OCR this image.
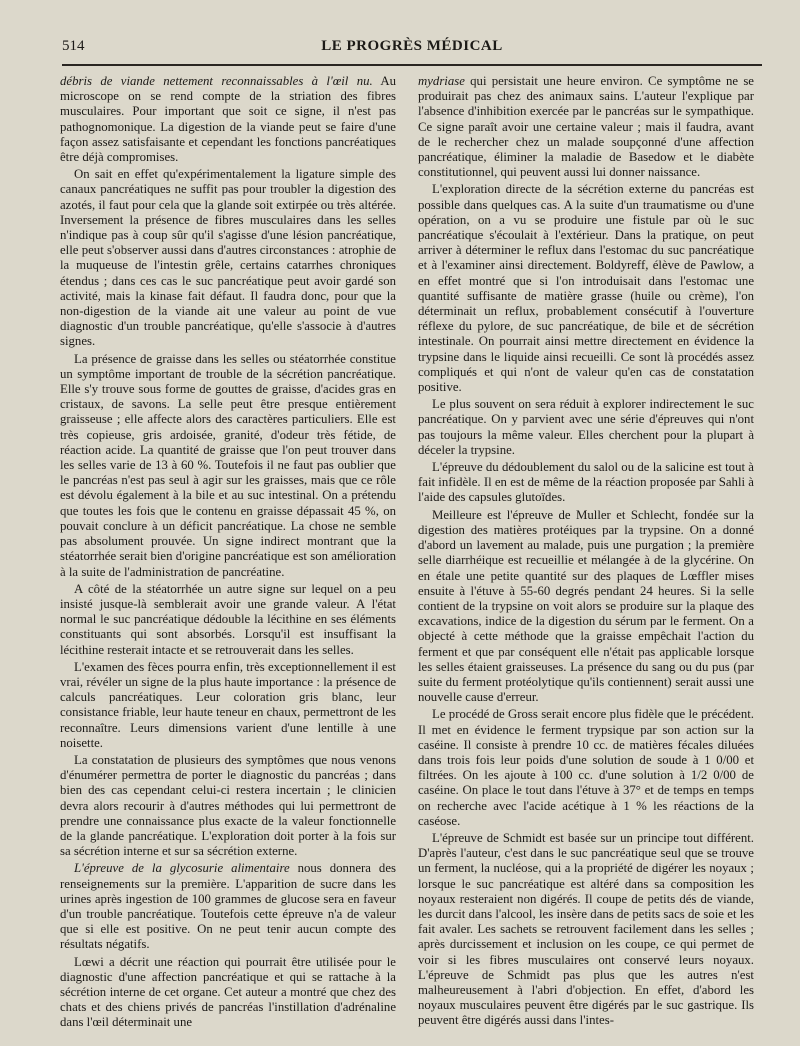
514	LE PROGRÈS MÉDICAL

débris de viande nettement reconnaissables à l'œil nu. Au microscope on se rend compte de la striation des fibres musculaires. Pour important que soit ce signe, il n'est pas pathognomonique. La digestion de la viande peut se faire d'une façon assez satisfaisante et cependant les fonctions pancréatiques être déjà compromises.

On sait en effet qu'expérimentalement la ligature simple des canaux pancréatiques ne suffit pas pour troubler la digestion des azotés, il faut pour cela que la glande soit extirpée ou très altérée. Inversement la présence de fibres musculaires dans les selles n'indique pas à coup sûr qu'il s'agisse d'une lésion pancréatique, elle peut s'observer aussi dans d'autres circonstances : atrophie de la muqueuse de l'intestin grêle, certains catarrhes chroniques étendus ; dans ces cas le suc pancréatique peut avoir gardé son activité, mais la kinase fait défaut. Il faudra donc, pour que la non-digestion de la viande ait une valeur au point de vue diagnostic d'un trouble pancréatique, qu'elle s'associe à d'autres signes.

La présence de graisse dans les selles ou stéatorrhée constitue un symptôme important de trouble de la sécrétion pancréatique. Elle s'y trouve sous forme de gouttes de graisse, d'acides gras en cristaux, de savons. La selle peut être presque entièrement graisseuse ; elle affecte alors des caractères particuliers. Elle est très copieuse, gris ardoisée, granité, d'odeur très fétide, de réaction acide. La quantité de graisse que l'on peut trouver dans les selles varie de 13 à 60 %. Toutefois il ne faut pas oublier que le pancréas n'est pas seul à agir sur les graisses, mais que ce rôle est dévolu également à la bile et au suc intestinal. On a prétendu que toutes les fois que le contenu en graisse dépassait 45 %, on pouvait conclure à un déficit pancréatique. La chose ne semble pas absolument prouvée. Un signe indirect montrant que la stéatorrhée serait bien d'origine pancréatique est son amélioration à la suite de l'administration de pancréatine.

A côté de la stéatorrhée un autre signe sur lequel on a peu insisté jusque-là semblerait avoir une grande valeur. A l'état normal le suc pancréatique dédouble la lécithine en ses éléments constituants qui sont absorbés. Lorsqu'il est insuffisant la lécithine resterait intacte et se retrouverait dans les selles.

L'examen des fèces pourra enfin, très exceptionnellement il est vrai, révéler un signe de la plus haute importance : la présence de calculs pancréatiques. Leur coloration gris blanc, leur consistance friable, leur haute teneur en chaux, permettront de les reconnaître. Leurs dimensions varient d'une lentille à une noisette.

La constatation de plusieurs des symptômes que nous venons d'énumérer permettra de porter le diagnostic du pancréas ; dans bien des cas cependant celui-ci restera incertain ; le clinicien devra alors recourir à d'autres méthodes qui lui permettront de prendre une connaissance plus exacte de la valeur fonctionnelle de la glande pancréatique. L'exploration doit porter à la fois sur sa sécrétion interne et sur sa sécrétion externe.

L'épreuve de la glycosurie alimentaire nous donnera des renseignements sur la première. L'apparition de sucre dans les urines après ingestion de 100 grammes de glucose sera en faveur d'un trouble pancréatique. Toutefois cette épreuve n'a de valeur que si elle est positive. On ne peut tenir aucun compte des résultats négatifs.

Lœwi a décrit une réaction qui pourrait être utilisée pour le diagnostic d'une affection pancréatique et qui se rattache à la sécrétion interne de cet organe. Cet auteur a montré que chez des chats et des chiens privés de pancréas l'instillation d'adrénaline dans l'œil déterminait une

mydriase qui persistait une heure environ. Ce symptôme ne se produirait pas chez des animaux sains. L'auteur l'explique par l'absence d'inhibition exercée par le pancréas sur le sympathique. Ce signe paraît avoir une certaine valeur ; mais il faudra, avant de le rechercher chez un malade soupçonné d'une affection pancréatique, éliminer la maladie de Basedow et le diabète constitutionnel, qui peuvent aussi lui donner naissance.

L'exploration directe de la sécrétion externe du pancréas est possible dans quelques cas. A la suite d'un traumatisme ou d'une opération, on a vu se produire une fistule par où le suc pancréatique s'écoulait à l'extérieur. Dans la pratique, on peut arriver à déterminer le reflux dans l'estomac du suc pancréatique et à l'examiner ainsi directement. Boldyreff, élève de Pawlow, a en effet montré que si l'on introduisait dans l'estomac une quantité suffisante de matière grasse (huile ou crème), l'on déterminait un reflux, probablement consécutif à l'ouverture réflexe du pylore, de suc pancréatique, de bile et de sécrétion intestinale. On pourrait ainsi mettre directement en évidence la trypsine dans le liquide ainsi recueilli. Ce sont là procédés assez compliqués et qui n'ont de valeur qu'en cas de constatation positive.

Le plus souvent on sera réduit à explorer indirectement le suc pancréatique. On y parvient avec une série d'épreuves qui n'ont pas toujours la même valeur. Elles cherchent pour la plupart à déceler la trypsine.

L'épreuve du dédoublement du salol ou de la salicine est tout à fait infidèle. Il en est de même de la réaction proposée par Sahli à l'aide des capsules glutoïdes.

Meilleure est l'épreuve de Muller et Schlecht, fondée sur la digestion des matières protéiques par la trypsine. On a donné d'abord un lavement au malade, puis une purgation ; la première selle diarrhéique est recueillie et mélangée à de la glycérine. On en étale une petite quantité sur des plaques de Lœffler mises ensuite à l'étuve à 55-60 degrés pendant 24 heures. Si la selle contient de la trypsine on voit alors se produire sur la plaque des excavations, indice de la digestion du sérum par le ferment. On a objecté à cette méthode que la graisse empêchait l'action du ferment et que par conséquent elle n'était pas applicable lorsque les selles étaient graisseuses. La présence du sang ou du pus (par suite du ferment protéolytique qu'ils contiennent) serait aussi une nouvelle cause d'erreur.

Le procédé de Gross serait encore plus fidèle que le précédent. Il met en évidence le ferment trypsique par son action sur la caséine. Il consiste à prendre 10 cc. de matières fécales diluées dans trois fois leur poids d'une solution de soude à 1 0/00 et filtrées. On les ajoute à 100 cc. d'une solution à 1/2 0/00 de caséine. On place le tout dans l'étuve à 37° et de temps en temps on recherche avec l'acide acétique à 1 % les réactions de la caséose.

L'épreuve de Schmidt est basée sur un principe tout différent. D'après l'auteur, c'est dans le suc pancréatique seul que se trouve un ferment, la nucléose, qui a la propriété de digérer les noyaux ; lorsque le suc pancréatique est altéré dans sa composition les noyaux resteraient non digérés. Il coupe de petits dés de viande, les durcit dans l'alcool, les insère dans de petits sacs de soie et les fait avaler. Les sachets se retrouvent facilement dans les selles ; après durcissement et inclusion on les coupe, ce qui permet de voir si les fibres musculaires ont conservé leurs noyaux. L'épreuve de Schmidt pas plus que les autres n'est malheureusement à l'abri d'objection. En effet, d'abord les noyaux musculaires peuvent être digérés par le suc gastrique. Ils peuvent être digérés aussi dans l'intes-
